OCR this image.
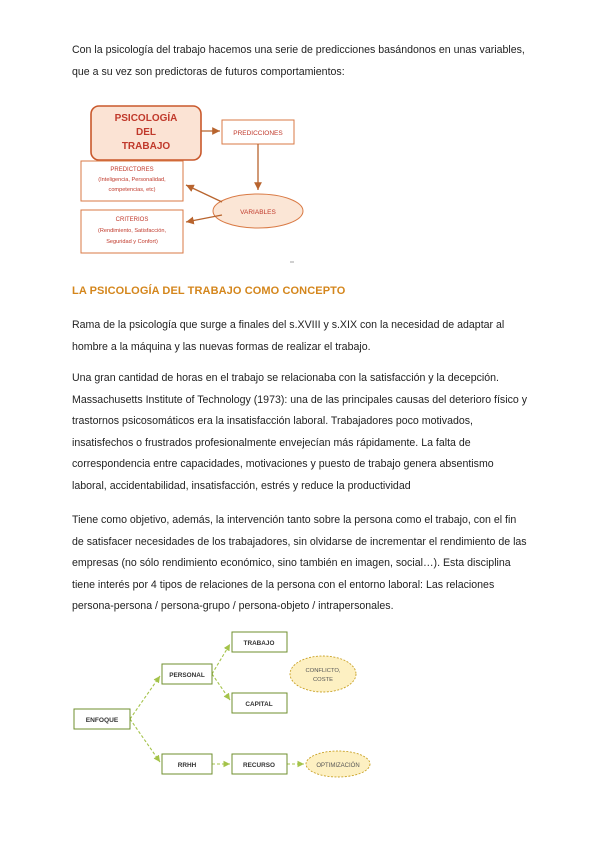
Con la psicología del trabajo hacemos una serie de predicciones basándonos en unas variables, que a su vez son predictoras de futuros comportamientos:

PSICOLOGÍA
DEL
TRABAJO
PREDICCIONES
VARIABLES
PREDICTORES
(Inteligencia, Personalidad,
competencias, etc)
CRITERIOS
(Rendimiento, Satisfacción,
Seguridad y Confort)
LA PSICOLOGÍA DEL TRABAJO COMO CONCEPTO

Rama de la psicología que surge a finales del s.XVIII y s.XIX con la necesidad de adaptar al hombre a la máquina y las nuevas formas de realizar el trabajo.

Una gran cantidad de horas en el trabajo se relacionaba con la satisfacción y la decepción. Massachusetts Institute of Technology (1973): una de las principales causas del deterioro físico y trastornos psicosomáticos era la insatisfacción laboral. Trabajadores poco motivados, insatisfechos o frustrados profesionalmente envejecían más rápidamente. La falta de correspondencia entre capacidades, motivaciones y puesto de trabajo genera absentismo laboral, accidentabilidad, insatisfacción, estrés y reduce la productividad

Tiene como objetivo, además, la intervención tanto sobre la persona como el trabajo, con el fin de satisfacer necesidades de los trabajadores, sin olvidarse de incrementar el rendimiento de las empresas (no sólo rendimiento económico, sino también en imagen, social…). Esta disciplina tiene interés por 4 tipos de relaciones de la persona con el entorno laboral: Las relaciones persona-persona / persona-grupo / persona-objeto / intrapersonales.

ENFOQUE
PERSONAL
RRHH
TRABAJO
CAPITAL
RECURSO
CONFLICTO,
COSTE
OPTIMIZACIÓN
